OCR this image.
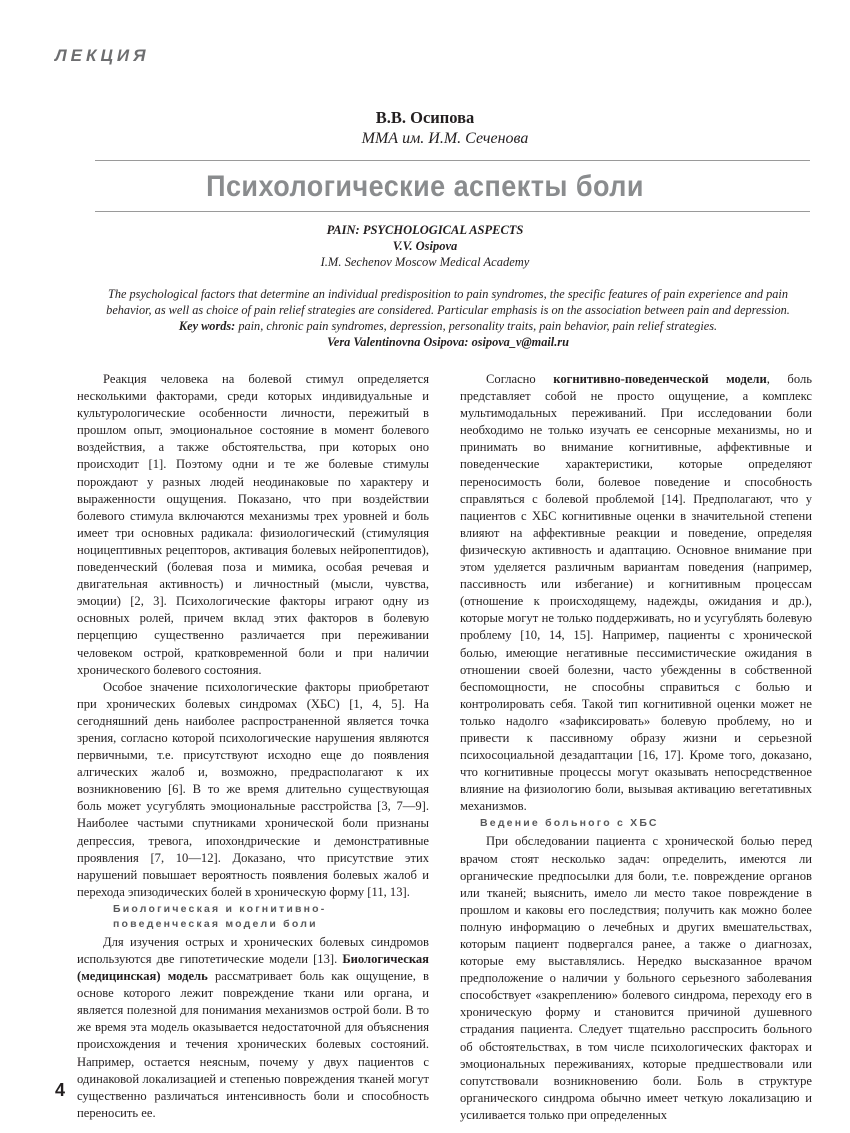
ЛЕКЦИЯ
В.В. Осипова
ММА им. И.М. Сеченова
Психологические аспекты боли
PAIN: PSYCHOLOGICAL ASPECTS
V.V. Osipova
I.M. Sechenov Moscow Medical Academy
The psychological factors that determine an individual predisposition to pain syndromes, the specific features of pain experience and pain behavior, as well as choice of pain relief strategies are considered. Particular emphasis is on the association between pain and depression.
Key words: pain, chronic pain syndromes, depression, personality traits, pain behavior, pain relief strategies.
Vera Valentinovna Osipova: osipova_v@mail.ru

Реакция человека на болевой стимул определяется несколькими факторами, среди которых индивидуальные и культурологические особенности личности, пережитый в прошлом опыт, эмоциональное состояние в момент болевого воздействия, а также обстоятельства, при которых оно происходит [1]. Поэтому одни и те же болевые стимулы порождают у разных людей неодинаковые по характеру и выраженности ощущения. Показано, что при воздействии болевого стимула включаются механизмы трех уровней и боль имеет три основных радикала: физиологический (стимуляция ноцицептивных рецепторов, активация болевых нейропептидов), поведенческий (болевая поза и мимика, особая речевая и двигательная активность) и личностный (мысли, чувства, эмоции) [2, 3]. Психологические факторы играют одну из основных ролей, причем вклад этих факторов в болевую перцепцию существенно различается при переживании человеком острой, кратковременной боли и при наличии хронического болевого состояния.

Особое значение психологические факторы приобретают при хронических болевых синдромах (ХБС) [1, 4, 5]. На сегодняшний день наиболее распространенной является точка зрения, согласно которой психологические нарушения являются первичными, т.е. присутствуют исходно еще до появления алгических жалоб и, возможно, предрасполагают к их возникновению [6]. В то же время длительно существующая боль может усугублять эмоциональные расстройства [3, 7—9]. Наиболее частыми спутниками хронической боли признаны депрессия, тревога, ипохондрические и демонстративные проявления [7, 10—12]. Доказано, что присутствие этих нарушений повышает вероятность появления болевых жалоб и перехода эпизодических болей в хроническую форму [11, 13].

Биологическая и когнитивно-поведенческая модели боли

Для изучения острых и хронических болевых синдромов используются две гипотетические модели [13]. Биологическая (медицинская) модель рассматривает боль как ощущение, в основе которого лежит повреждение ткани или органа, и является полезной для понимания механизмов острой боли. В то же время эта модель оказывается недостаточной для объяснения происхождения и течения хронических болевых состояний. Например, остается неясным, почему у двух пациентов с одинаковой локализацией и степенью повреждения тканей могут существенно различаться интенсивность боли и способность переносить ее.

Согласно когнитивно-поведенческой модели, боль представляет собой не просто ощущение, а комплекс мультимодальных переживаний. При исследовании боли необходимо не только изучать ее сенсорные механизмы, но и принимать во внимание когнитивные, аффективные и поведенческие характеристики, которые определяют переносимость боли, болевое поведение и способность справляться с болевой проблемой [14]. Предполагают, что у пациентов с ХБС когнитивные оценки в значительной степени влияют на аффективные реакции и поведение, определяя физическую активность и адаптацию. Основное внимание при этом уделяется различным вариантам поведения (например, пассивность или избегание) и когнитивным процессам (отношение к происходящему, надежды, ожидания и др.), которые могут не только поддерживать, но и усугублять болевую проблему [10, 14, 15]. Например, пациенты с хронической болью, имеющие негативные пессимистические ожидания в отношении своей болезни, часто убежденны в собственной беспомощности, не способны справиться с болью и контролировать себя. Такой тип когнитивной оценки может не только надолго «зафиксировать» болевую проблему, но и привести к пассивному образу жизни и серьезной психосоциальной дезадаптации [16, 17]. Кроме того, доказано, что когнитивные процессы могут оказывать непосредственное влияние на физиологию боли, вызывая активацию вегетативных механизмов.

Ведение больного с ХБС

При обследовании пациента с хронической болью перед врачом стоят несколько задач: определить, имеются ли органические предпосылки для боли, т.е. повреждение органов или тканей; выяснить, имело ли место такое повреждение в прошлом и каковы его последствия; получить как можно более полную информацию о лечебных и других вмешательствах, которым пациент подвергался ранее, а также о диагнозах, которые ему выставлялись. Нередко высказанное врачом предположение о наличии у больного серьезного заболевания способствует «закреплению» болевого синдрома, переходу его в хроническую форму и становится причиной душевного страдания пациента. Следует тщательно расспросить больного об обстоятельствах, в том числе психологических факторах и эмоциональных переживаниях, которые предшествовали или сопутствовали возникновению боли. Боль в структуре органического синдрома обычно имеет четкую локализацию и усиливается только при определенных

4
